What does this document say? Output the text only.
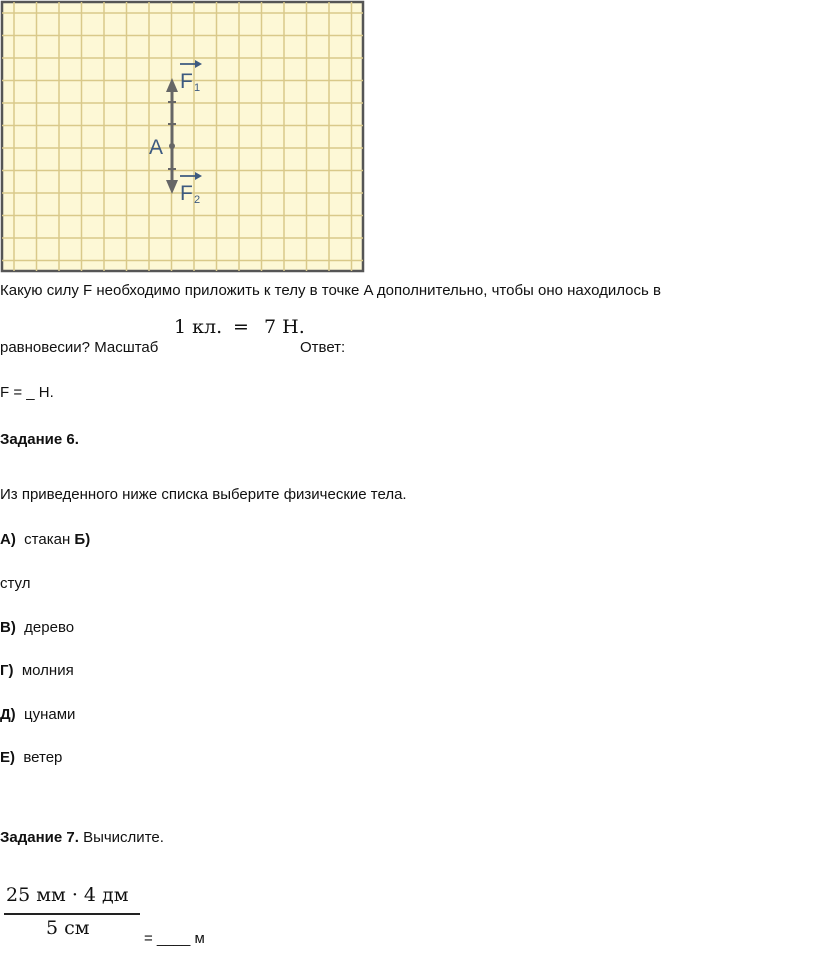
A
F 1
F 2
Какую силу F необходимо приложить к телу в точке A дополнительно, чтобы оно находилось в
равновесии? Масштаб
1 кл. = 7 Н.
Ответ:
F = _ Н.
Задание 6.
Из приведенного ниже списка выберите физические тела.
А) стакан Б)
стул
В) дерево
Г) молния
Д) цунами
Е) ветер
Задание 7. Вычислите.
25 мм · 4 дм
5 см	= ____ м
